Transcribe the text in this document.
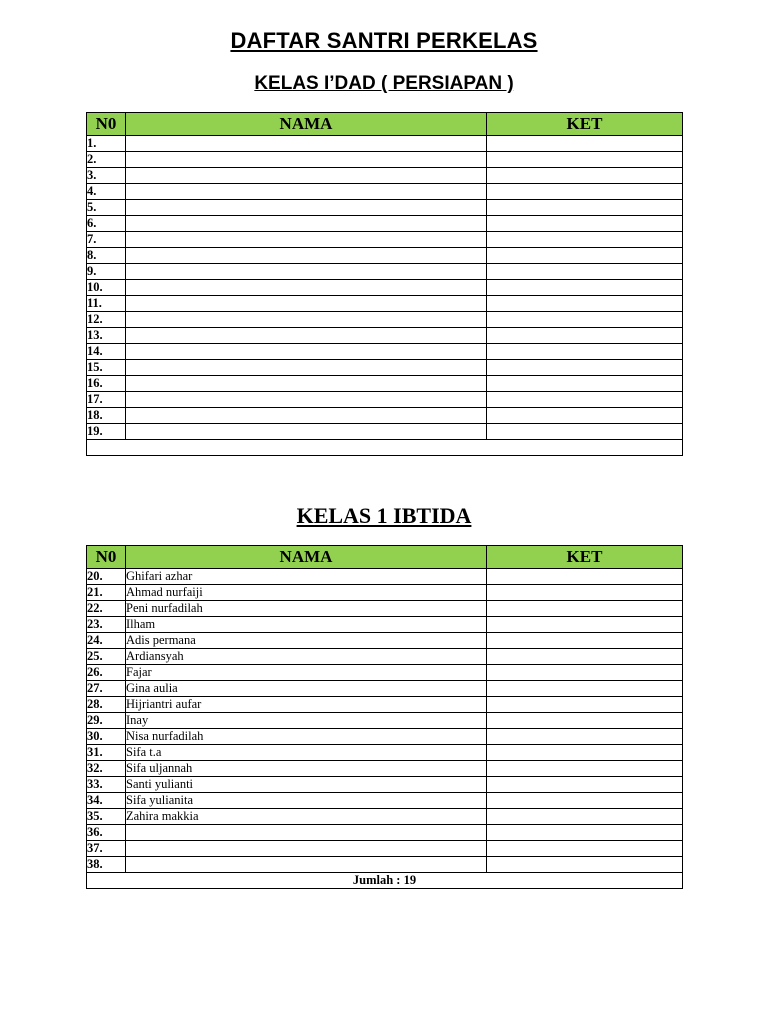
DAFTAR SANTRI PERKELAS
KELAS I’DAD ( PERSIAPAN )
N0	NAMA	KET
1.		
2.		
3.		
4.		
5.		
6.		
7.		
8.		
9.		
10.		
11.		
12.		
13.		
14.		
15.		
16.		
17.		
18.		
19.		

KELAS 1 IBTIDA
N0	NAMA	KET
20.	Ghifari azhar	
21.	Ahmad nurfaiji	
22.	Peni nurfadilah	
23.	Ilham	
24.	Adis permana	
25.	Ardiansyah	
26.	Fajar	
27.	Gina aulia	
28.	Hijriantri aufar	
29.	Inay	
30.	Nisa nurfadilah	
31.	Sifa t.a	
32.	Sifa uljannah	
33.	Santi yulianti	
34.	Sifa yulianita	
35.	Zahira makkia	
36.		
37.		
38.		
Jumlah : 19		
